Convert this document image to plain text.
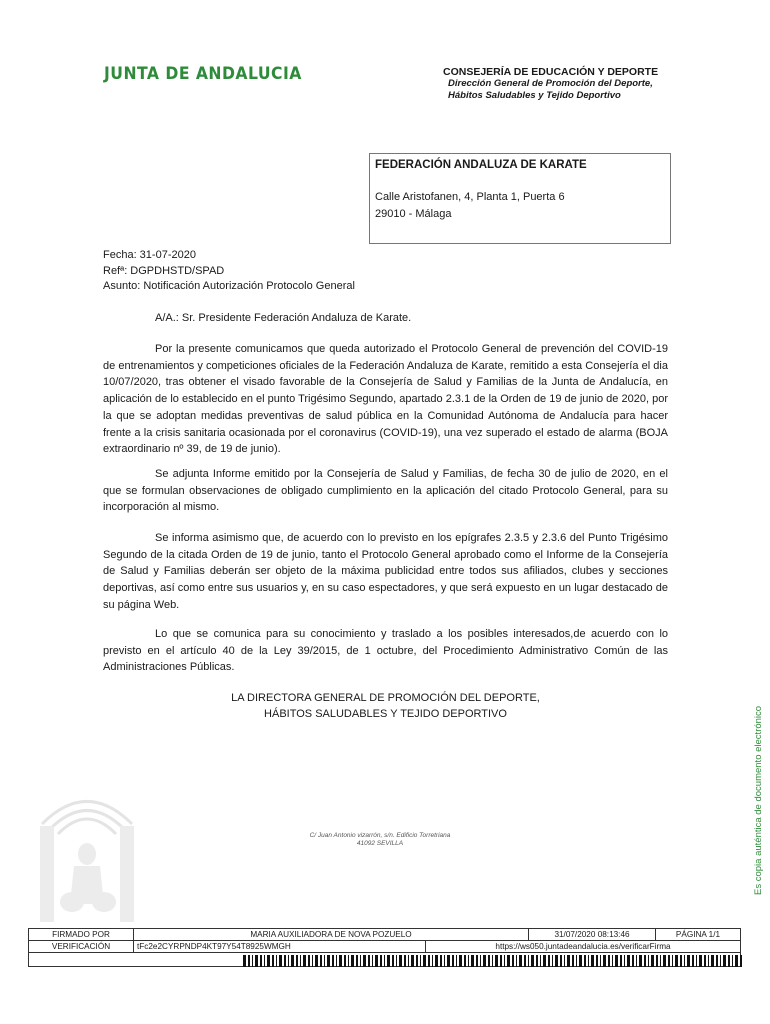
JUNTA DE ANDALUCIA	CONSEJERÍA DE EDUCACIÓN Y DEPORTE
Dirección General de Promoción del Deporte,
Hábitos Saludables y Tejido Deportivo
FEDERACIÓN ANDALUZA DE KARATE
Calle Aristofanen, 4, Planta 1, Puerta 6
29010 - Málaga
Fecha: 31-07-2020
Refª: DGPDHSTD/SPAD
Asunto: Notificación Autorización Protocolo General
A/A.: Sr. Presidente Federación Andaluza de Karate.
Por la presente comunicamos que queda autorizado el Protocolo General de prevención del COVID-19 de entrenamientos y competiciones oficiales de la Federación Andaluza de Karate, remitido a esta Consejería el dia 10/07/2020, tras obtener el visado favorable de la Consejería de Salud y Familias de la Junta de Andalucía, en aplicación de lo establecido en el punto Trigésimo Segundo, apartado 2.3.1 de la Orden de 19 de junio de 2020, por la que se adoptan medidas preventivas de salud pública en la Comunidad Autónoma de Andalucía para hacer frente a la crisis sanitaria ocasionada por el coronavirus (COVID-19), una vez superado el estado de alarma (BOJA extraordinario nº 39, de 19 de junio).
Se adjunta Informe emitido por la Consejería de Salud y Familias, de fecha 30 de julio de 2020, en el que se formulan observaciones de obligado cumplimiento en la aplicación del citado Protocolo General, para su incorporación al mismo.
Se informa asimismo que, de acuerdo con lo previsto en los epígrafes 2.3.5 y 2.3.6 del Punto Trigésimo Segundo de la citada Orden de 19 de junio, tanto el Protocolo General aprobado como el Informe de la Consejería de Salud y Familias deberán ser objeto de la máxima publicidad entre todos sus afiliados, clubes y secciones deportivas, así como entre sus usuarios y, en su caso espectadores, y que será expuesto en un lugar destacado de su página Web.
Lo que se comunica para su conocimiento y traslado a los posibles interesados,de acuerdo con lo previsto en el artículo 40 de la Ley 39/2015, de 1 octubre, del Procedimiento Administrativo Común de las Administraciones Públicas.
LA DIRECTORA GENERAL DE PROMOCIÓN DEL DEPORTE,
HÁBITOS SALUDABLES Y TEJIDO DEPORTIVO
C/ Juan Antonio vizarrón, s/n. Edificio Torretriana
41092 SEVILLA	Es copia auténtica de documento electrónico
FIRMADO POR	MARIA AUXILIADORA DE NOVA POZUELO		31/07/2020 08:13:46	PÁGINA 1/1
VERIFICACIÓN	tFc2e2CYRPNDP4KT97Y54T8925WMGH	https://ws050.juntadeandalucia.es/verificarFirma		
